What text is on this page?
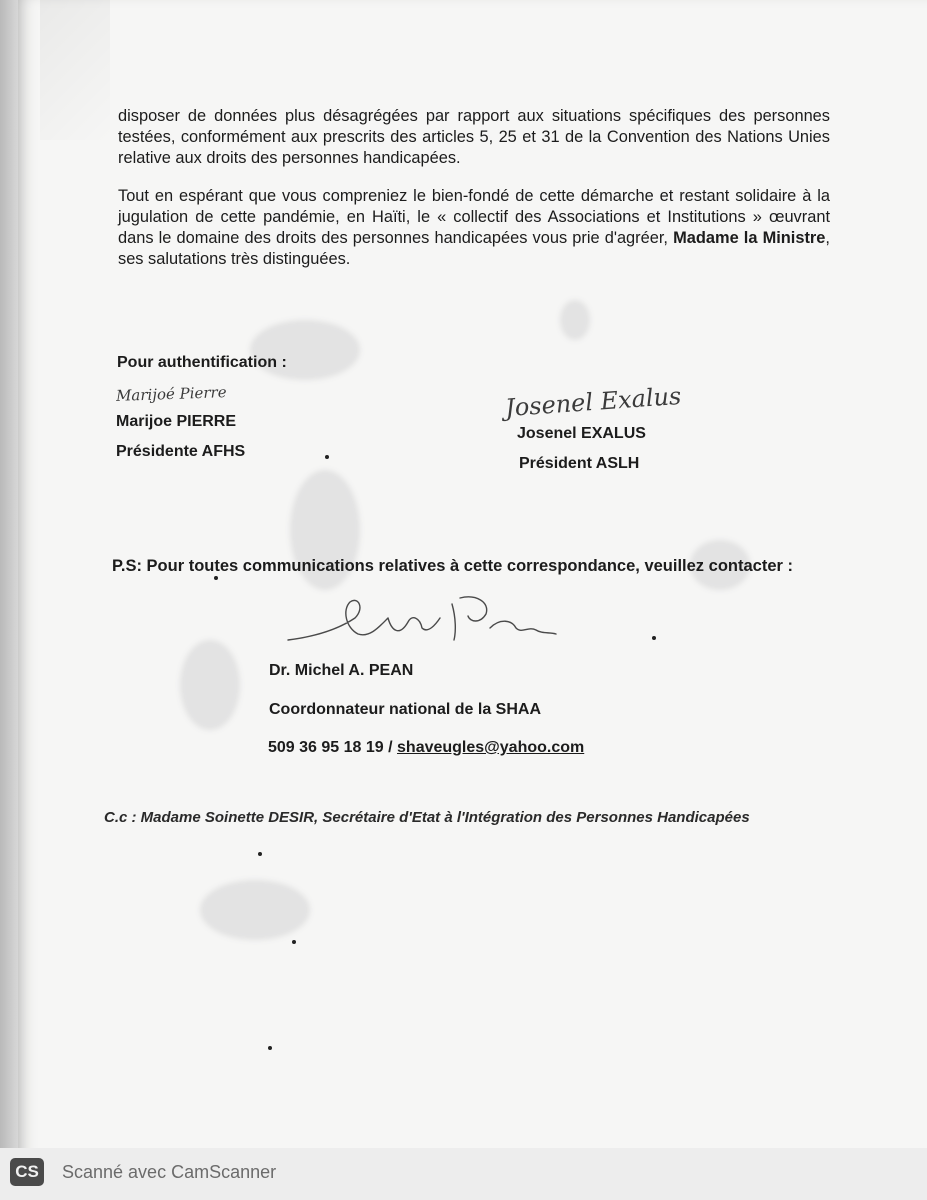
disposer de données plus désagrégées par rapport aux situations spécifiques des personnes testées, conformément aux prescrits des articles 5, 25 et 31 de la Convention des Nations Unies relative aux droits des personnes handicapées.
Tout en espérant que vous compreniez le bien-fondé de cette démarche et restant solidaire à la jugulation de cette pandémie, en Haïti, le « collectif des Associations et Institutions » œuvrant dans le domaine des droits des personnes handicapées vous prie d'agréer, Madame la Ministre, ses salutations très distinguées.
Pour authentification :
Marijoé Pierre
Marijoe PIERRE
Présidente AFHS
Josenel Exalus
Josenel EXALUS
Président ASLH
P.S: Pour toutes communications relatives à cette correspondance, veuillez contacter :
Dr. Michel A. PEAN
Coordonnateur national de la SHAA
509 36 95 18 19 / shaveugles@yahoo.com
C.c : Madame Soinette DESIR, Secrétaire d'Etat à l'Intégration des Personnes Handicapées
CS Scanné avec CamScanner
